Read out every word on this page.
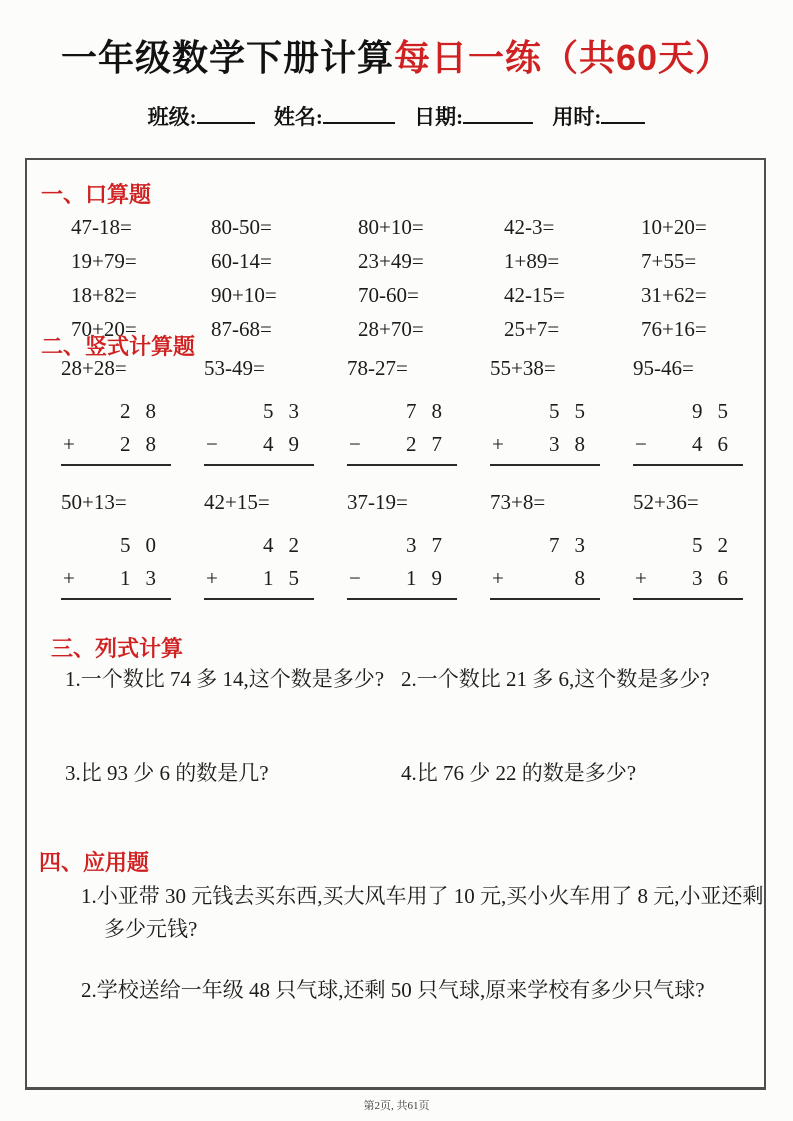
一年级数学下册计算每日一练（共60天）
班级:	姓名:	日期:	用时:
一、口算题
47-18=	80-50=	80+10=	42-3=	10+20=
19+79=	60-14=	23+49=	1+89=	7+55=
18+82=	90+10=	70-60=	42-15=	31+62=
70+20=	87-68=	28+70=	25+7=	76+16=
二、竖式计算题
28+28=
28
+ 28
53-49=
53
− 49
78-27=
78
− 27
55+38=
55
+ 38
95-46=
95
− 46
50+13=
50
+ 13
42+15=
42
+ 15
37-19=
37
− 19
73+8=
73
+	8
52+36=
52
+ 36
三、列式计算
1.一个数比 74 多 14,这个数是多少? 2.一个数比 21 多 6,这个数是多少?
3.比 93 少 6 的数是几?	4.比 76 少 22 的数是多少?
四、应用题
1.小亚带 30 元钱去买东西,买大风车用了 10 元,买小火车用了 8 元,小亚还剩多少元钱?
2.学校送给一年级 48 只气球,还剩 50 只气球,原来学校有多少只气球?
第2页, 共61页
